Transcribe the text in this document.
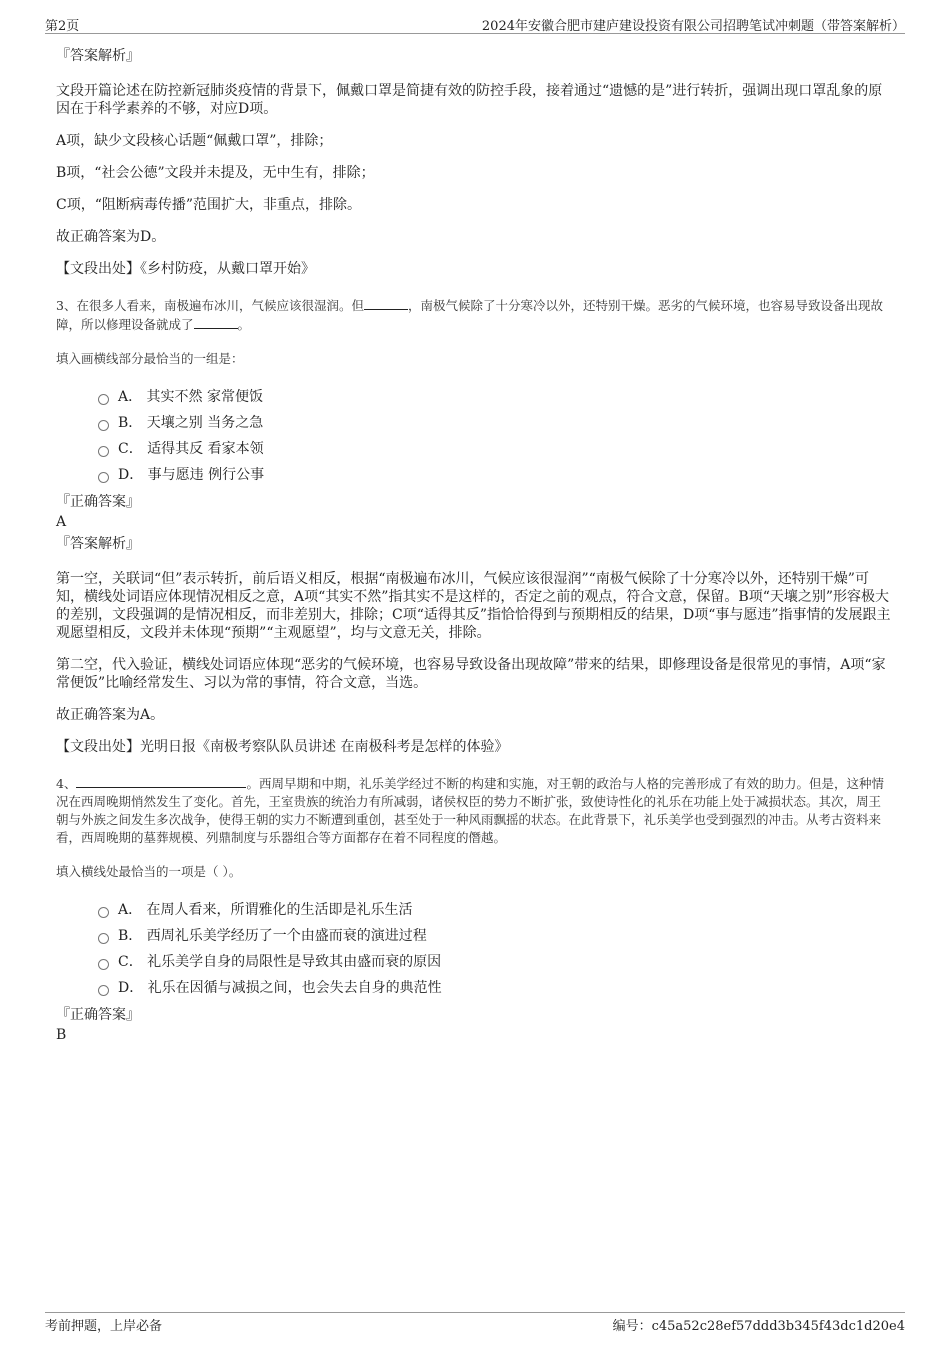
第2页	2024年安徽合肥市建庐建设投资有限公司招聘笔试冲刺题（带答案解析）

『答案解析』

文段开篇论述在防控新冠肺炎疫情的背景下，佩戴口罩是简捷有效的防控手段，接着通过“遗憾的是”进行转折，强调出现口罩乱象的原因在于科学素养的不够，对应D项。

A项，缺少文段核心话题“佩戴口罩”，排除；

B项，“社会公德”文段并未提及，无中生有，排除；

C项，“阻断病毒传播”范围扩大，非重点，排除。

故正确答案为D。

【文段出处】《乡村防疫，从戴口罩开始》

3、在很多人看来，南极遍布冰川，气候应该很湿润。但	，南极气候除了十分寒冷以外，还特别干燥。恶劣的气候环境，也容易导致设备出现故障，所以修理设备就成了	。

填入画横线部分最恰当的一组是：

A． 其实不然 家常便饭
B． 天壤之别 当务之急
C． 适得其反 看家本领
D． 事与愿违 例行公事

『正确答案』

A

『答案解析』

第一空，关联词“但”表示转折，前后语义相反，根据“南极遍布冰川，气候应该很湿润”“南极气候除了十分寒冷以外，还特别干燥”可知，横线处词语应体现情况相反之意，A项“其实不然”指其实不是这样的，否定之前的观点，符合文意，保留。B项“天壤之别”形容极大的差别，文段强调的是情况相反，而非差别大，排除；C项“适得其反”指恰恰得到与预期相反的结果，D项“事与愿违”指事情的发展跟主观愿望相反，文段并未体现“预期”“主观愿望”，均与文意无关，排除。

第二空，代入验证，横线处词语应体现“恶劣的气候环境，也容易导致设备出现故障”带来的结果，即修理设备是很常见的事情，A项“家常便饭”比喻经常发生、习以为常的事情，符合文意，当选。

故正确答案为A。

【文段出处】光明日报《南极考察队队员讲述 在南极科考是怎样的体验》

4、	。西周早期和中期，礼乐美学经过不断的构建和实施，对王朝的政治与人格的完善形成了有效的助力。但是，这种情况在西周晚期悄然发生了变化。首先，王室贵族的统治力有所减弱，诸侯权臣的势力不断扩张，致使诗性化的礼乐在功能上处于减损状态。其次，周王朝与外族之间发生多次战争，使得王朝的实力不断遭到重创，甚至处于一种风雨飘摇的状态。在此背景下，礼乐美学也受到强烈的冲击。从考古资料来看，西周晚期的墓葬规模、列鼎制度与乐器组合等方面都存在着不同程度的僭越。

填入横线处最恰当的一项是（ ）。

A． 在周人看来，所谓雅化的生活即是礼乐生活
B． 西周礼乐美学经历了一个由盛而衰的演进过程
C． 礼乐美学自身的局限性是导致其由盛而衰的原因
D． 礼乐在因循与减损之间，也会失去自身的典范性

『正确答案』

B

考前押题，上岸必备	编号：c45a52c28ef57ddd3b345f43dc1d20e4
